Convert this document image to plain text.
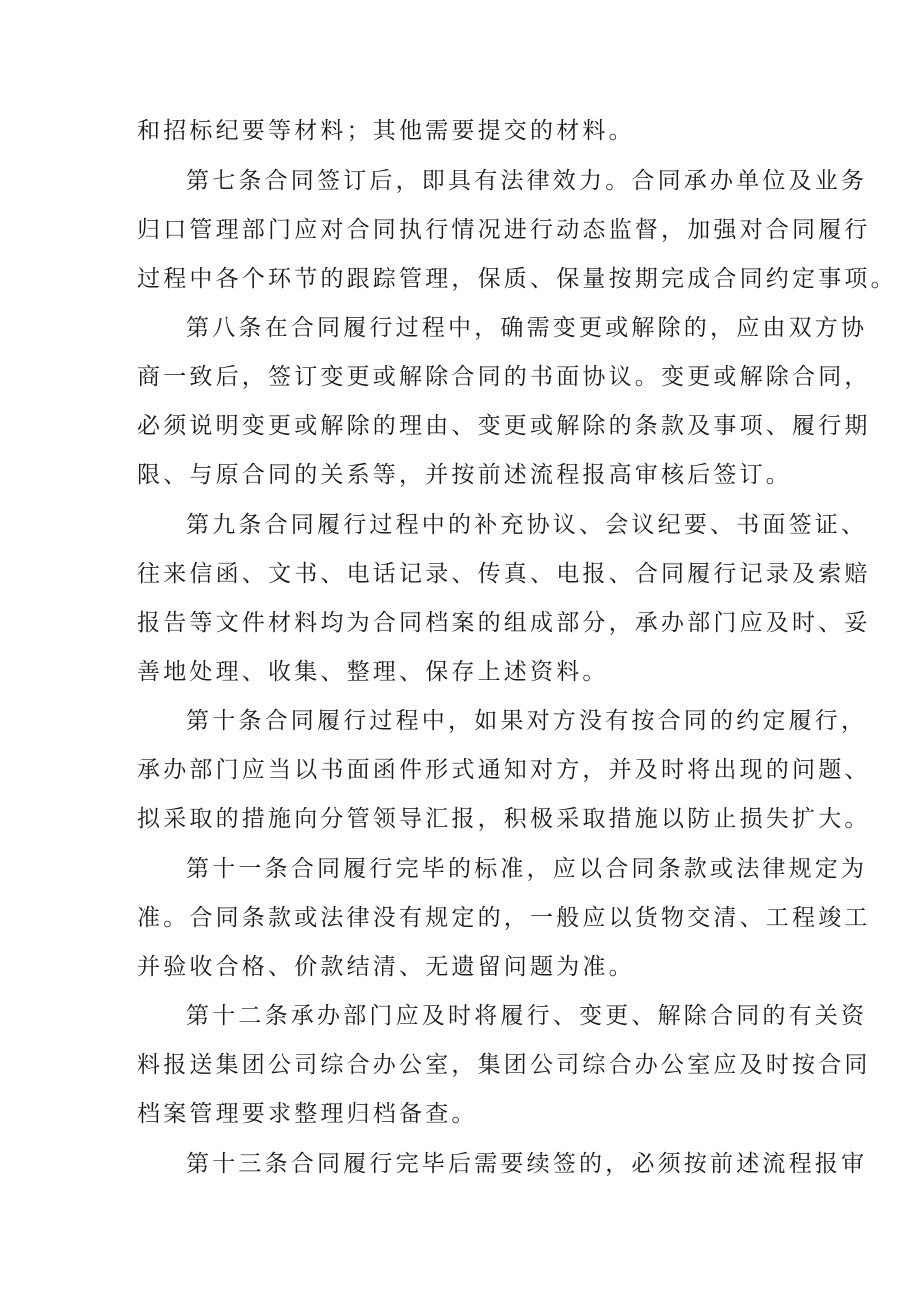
和招标纪要等材料；其他需要提交的材料。
第七条合同签订后，即具有法律效力。合同承办单位及业务
归口管理部门应对合同执行情况进行动态监督，加强对合同履行
过程中各个环节的跟踪管理，保质、保量按期完成合同约定事项。
第八条在合同履行过程中，确需变更或解除的，应由双方协
商一致后，签订变更或解除合同的书面协议。变更或解除合同，
必须说明变更或解除的理由、变更或解除的条款及事项、履行期
限、与原合同的关系等，并按前述流程报高审核后签订。
第九条合同履行过程中的补充协议、会议纪要、书面签证、
往来信函、文书、电话记录、传真、电报、合同履行记录及索赔
报告等文件材料均为合同档案的组成部分，承办部门应及时、妥
善地处理、收集、整理、保存上述资料。
第十条合同履行过程中，如果对方没有按合同的约定履行，
承办部门应当以书面函件形式通知对方，并及时将出现的问题、
拟采取的措施向分管领导汇报，积极采取措施以防止损失扩大。
第十一条合同履行完毕的标准，应以合同条款或法律规定为
准。合同条款或法律没有规定的，一般应以货物交清、工程竣工
并验收合格、价款结清、无遗留问题为准。
第十二条承办部门应及时将履行、变更、解除合同的有关资
料报送集团公司综合办公室，集团公司综合办公室应及时按合同
档案管理要求整理归档备查。
第十三条合同履行完毕后需要续签的，必须按前述流程报审
